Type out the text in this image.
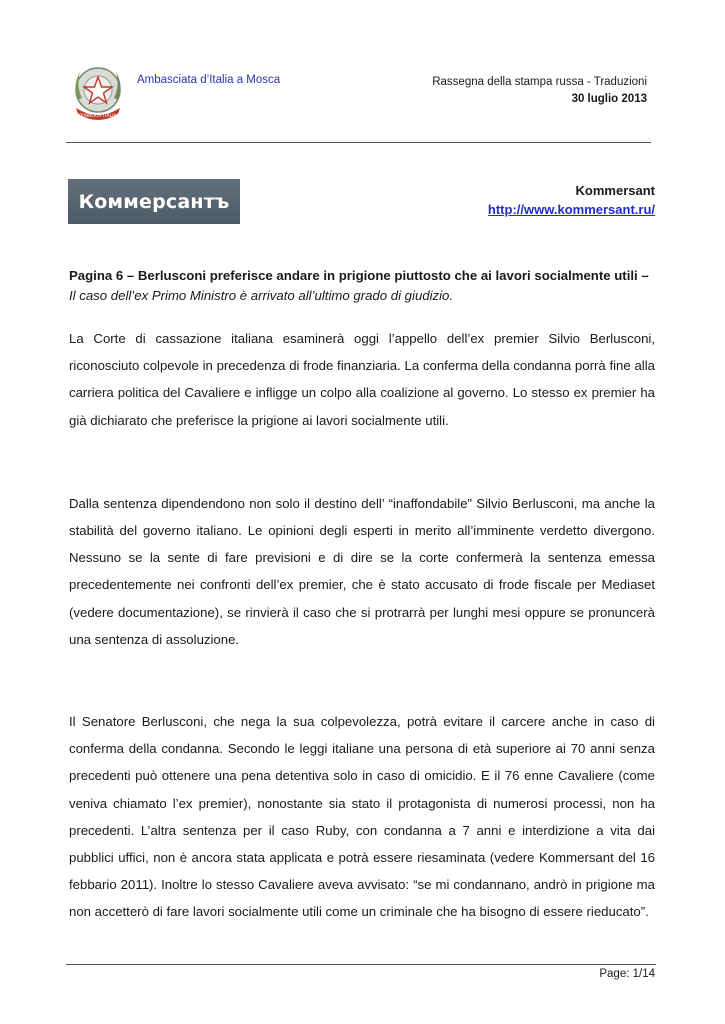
REPUBBLICA ITALIANA
Ambasciata d’Italia a Mosca	Rassegna della stampa russa - Traduzioni
30 luglio 2013
Коммерсантъ	Kommersant
http://www.kommersant.ru/

Pagina 6 – Berlusconi preferisce andare in prigione piuttosto che ai lavori socialmente utili – Il caso dell’ex Primo Ministro è arrivato all’ultimo grado di giudizio.

La Corte di cassazione italiana esaminerà oggi l’appello dell’ex premier Silvio Berlusconi, riconosciuto colpevole in precedenza di frode finanziaria. La conferma della condanna porrà fine alla carriera politica del Cavaliere e infligge un colpo alla coalizione al governo. Lo stesso ex premier ha già dichiarato che preferisce la prigione ai lavori socialmente utili.

Dalla sentenza dipendendono non solo il destino dell’ “inaffondabile” Silvio Berlusconi, ma anche la stabilità del governo italiano. Le opinioni degli esperti in merito all’imminente verdetto divergono. Nessuno se la sente di fare previsioni e di dire se la corte confermerà la sentenza emessa precedentemente nei confronti dell’ex premier, che è stato accusato di frode fiscale per Mediaset (vedere documentazione), se rinvierà il caso che si protrarrà per lunghi mesi oppure se pronuncerà una sentenza di assoluzione.

Il Senatore Berlusconi, che nega la sua colpevolezza, potrà evitare il carcere anche in caso di conferma della condanna. Secondo le leggi italiane una persona di età superiore ai 70 anni senza precedenti può ottenere una pena detentiva solo in caso di omicidio. E il 76 enne Cavaliere (come veniva chiamato l’ex premier), nonostante sia stato il protagonista di numerosi processi, non ha precedenti. L’altra sentenza per il caso Ruby, con condanna a 7 anni e interdizione a vita dai pubblici uffici, non è ancora stata applicata e potrà essere riesaminata (vedere Kommersant del 16 febbario 2011). Inoltre lo stesso Cavaliere aveva avvisato: “se mi condannano, andrò in prigione ma non accetterò di fare lavori socialmente utili come un criminale che ha bisogno di essere rieducato”.

Page: 1/14
